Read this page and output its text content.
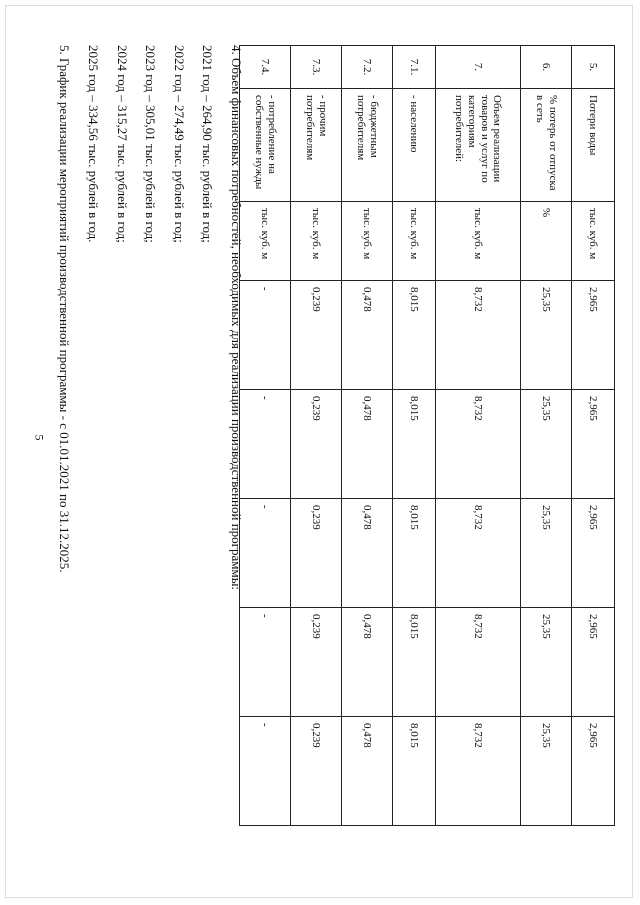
5
5.	Потери воды	тыс. куб. м	2,965	2,965	2,965	2,965	2,965
6.	% потерь от отпуска в сеть	%	25,35	25,35	25,35	25,35	25,35
7.	Объем реализации товаров и услуг по категориям потребителей:	тыс. куб. м	8,732	8,732	8,732	8,732	8,732
7.1.	- населению	тыс. куб. м	8,015	8,015	8,015	8,015	8,015
7.2.	- бюджетным потребителям	тыс. куб. м	0,478	0,478	0,478	0,478	0,478
7.3.	- прочим потребителям	тыс. куб. м	0,239	0,239	0,239	0,239	0,239
7.4.	- потребление на собственные нужды	тыс. куб. м	-	-	-	-	-

4. Объем финансовых потребностей, необходимых для реализации производственной программы:

2021 год – 264,90 тыс. рублей в год;

2022 год – 274,49 тыс. рублей в год;

2023 год – 305,01 тыс. рублей в год;

2024 год – 315,27 тыс. рублей в год;

2025 год – 334,56 тыс. рублей в год.

5. График реализации мероприятий производственной программы - с 01.01.2021 по 31.12.2025.
